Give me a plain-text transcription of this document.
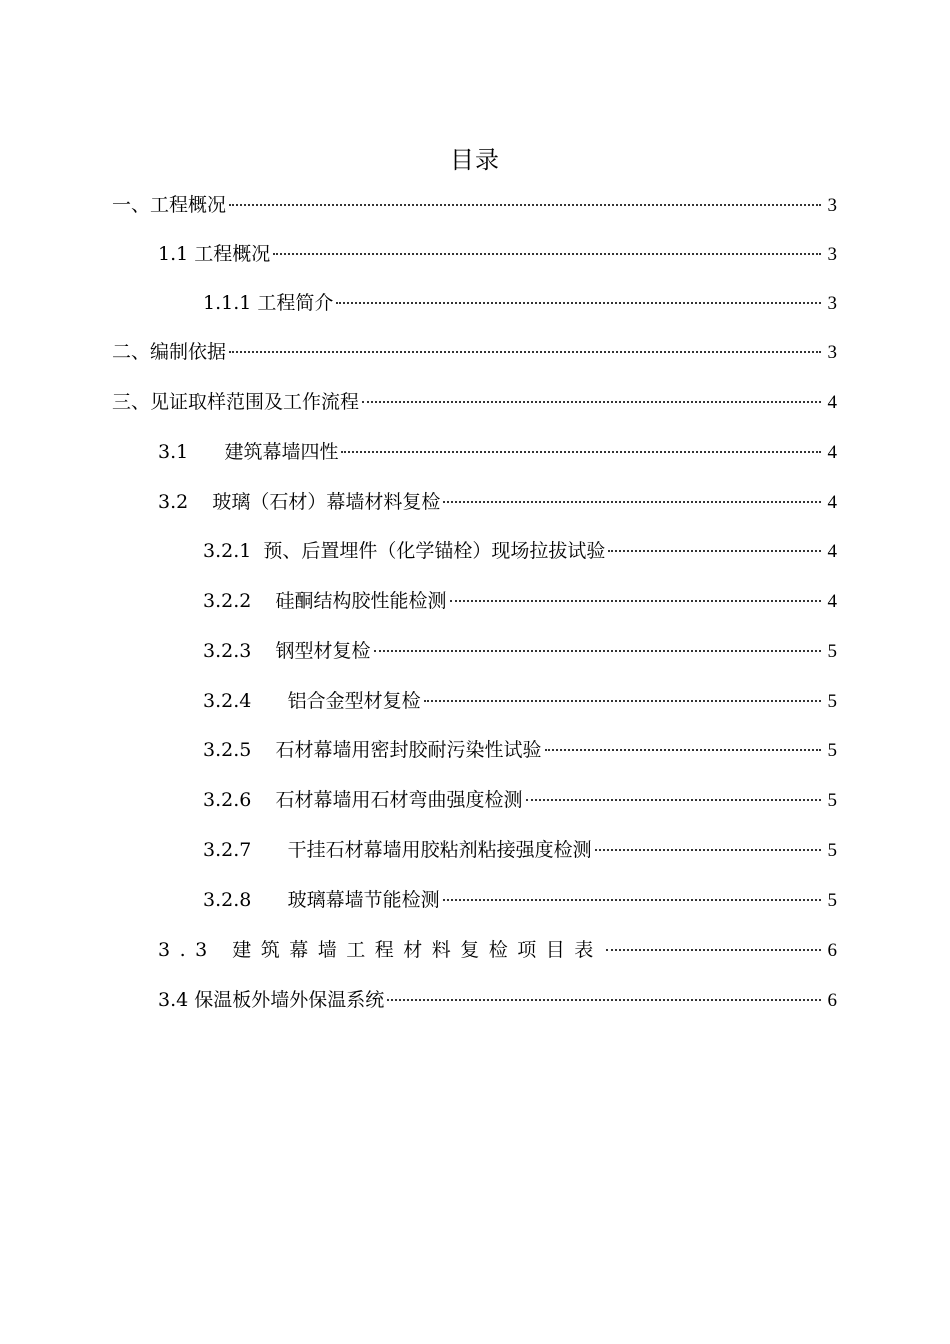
目录
一、工程概况	3
1.1 工程概况	3
1.1.1 工程简介	3
二、编制依据	3
三、见证取样范围及工作流程	4
3.1      建筑幕墙四性	4
3.2    玻璃（石材）幕墙材料复检	4
3.2.1  预、后置埋件（化学锚栓）现场拉拔试验	4
3.2.2    硅酮结构胶性能检测	4
3.2.3    钢型材复检	5
3.2.4      铝合金型材复检	5
3.2.5    石材幕墙用密封胶耐污染性试验	5
3.2.6    石材幕墙用石材弯曲强度检测	5
3.2.7      干挂石材幕墙用胶粘剂粘接强度检测	5
3.2.8      玻璃幕墙节能检测	5
3.3 建筑幕墙工程材料复检项目表	6
3.4 保温板外墙外保温系统	6
